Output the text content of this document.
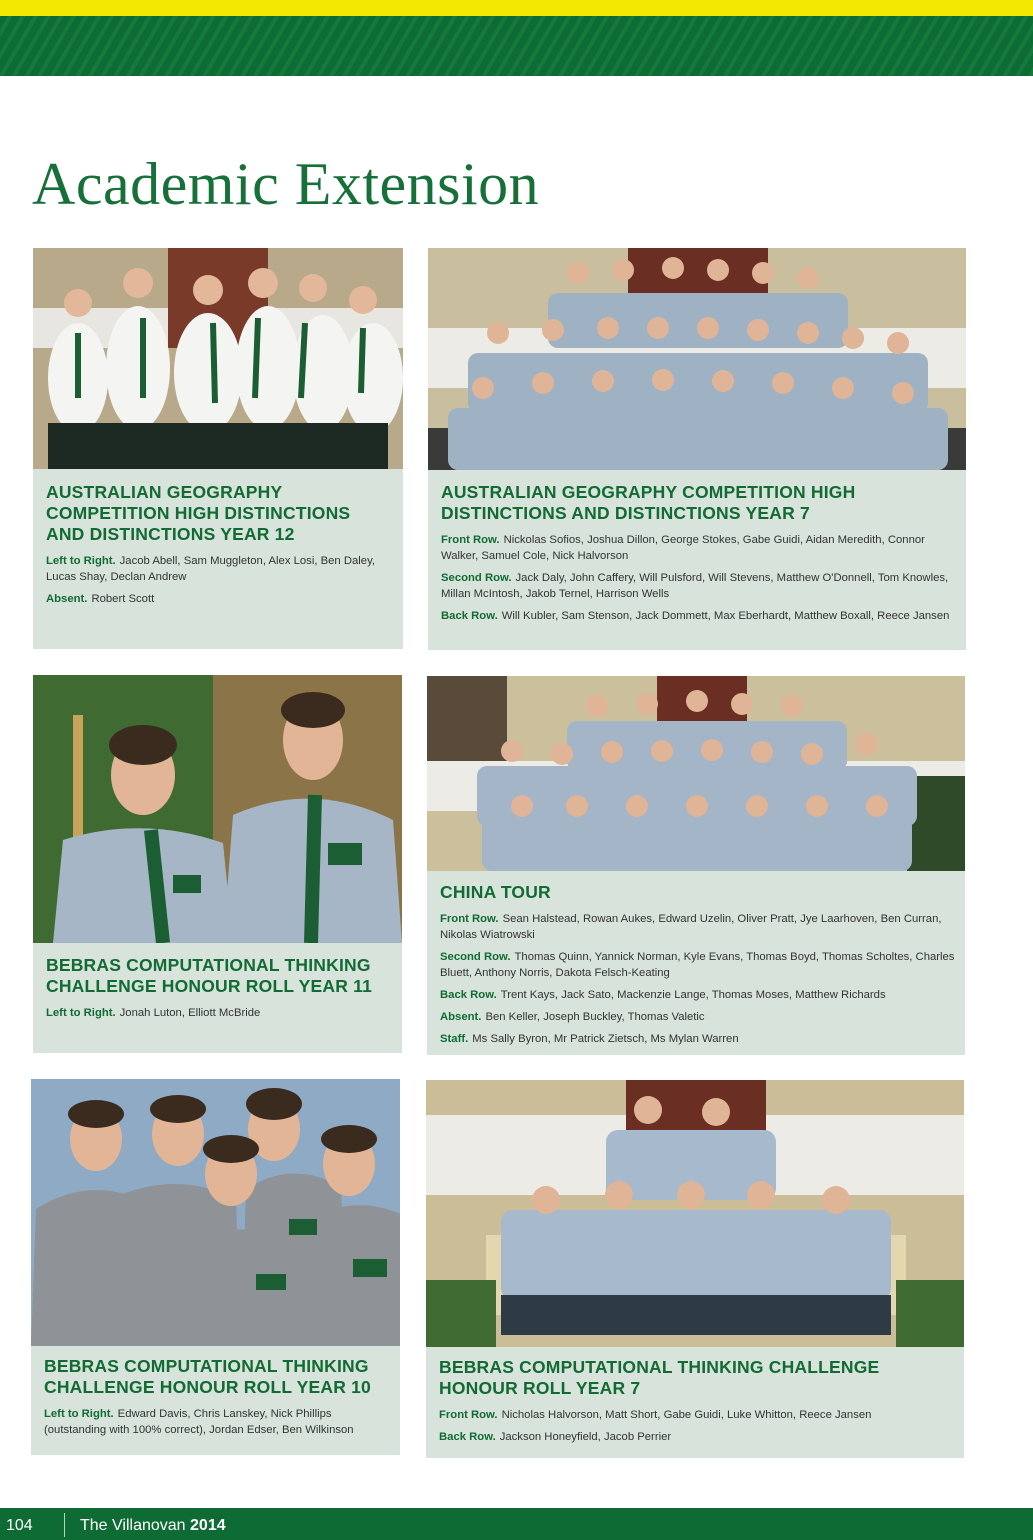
Academic Extension
AUSTRALIAN GEOGRAPHY COMPETITION HIGH DISTINCTIONS AND DISTINCTIONS YEAR 12

Left to Right. Jacob Abell, Sam Muggleton, Alex Losi, Ben Daley, Lucas Shay, Declan Andrew

Absent. Robert Scott

AUSTRALIAN GEOGRAPHY COMPETITION HIGH DISTINCTIONS AND DISTINCTIONS YEAR 7

Front Row. Nickolas Sofios, Joshua Dillon, George Stokes, Gabe Guidi, Aidan Meredith, Connor Walker, Samuel Cole, Nick Halvorson

Second Row. Jack Daly, John Caffery, Will Pulsford, Will Stevens, Matthew O'Donnell, Tom Knowles, Millan McIntosh, Jakob Ternel, Harrison Wells

Back Row. Will Kubler, Sam Stenson, Jack Dommett, Max Eberhardt, Matthew Boxall, Reece Jansen

BEBRAS COMPUTATIONAL THINKING CHALLENGE HONOUR ROLL YEAR 11

Left to Right. Jonah Luton, Elliott McBride

CHINA TOUR

Front Row. Sean Halstead, Rowan Aukes, Edward Uzelin, Oliver Pratt, Jye Laarhoven, Ben Curran, Nikolas Wiatrowski

Second Row. Thomas Quinn, Yannick Norman, Kyle Evans, Thomas Boyd, Thomas Scholtes, Charles Bluett, Anthony Norris, Dakota Felsch-Keating

Back Row. Trent Kays, Jack Sato, Mackenzie Lange, Thomas Moses, Matthew Richards

Absent. Ben Keller, Joseph Buckley, Thomas Valetic

Staff. Ms Sally Byron, Mr Patrick Zietsch, Ms Mylan Warren

BEBRAS COMPUTATIONAL THINKING CHALLENGE HONOUR ROLL YEAR 10

Left to Right. Edward Davis, Chris Lanskey, Nick Phillips (outstanding with 100% correct), Jordan Edser, Ben Wilkinson

BEBRAS COMPUTATIONAL THINKING CHALLENGE HONOUR ROLL YEAR 7

Front Row. Nicholas Halvorson, Matt Short, Gabe Guidi, Luke Whitton, Reece Jansen

Back Row. Jackson Honeyfield, Jacob Perrier

104	The Villanovan 2014
